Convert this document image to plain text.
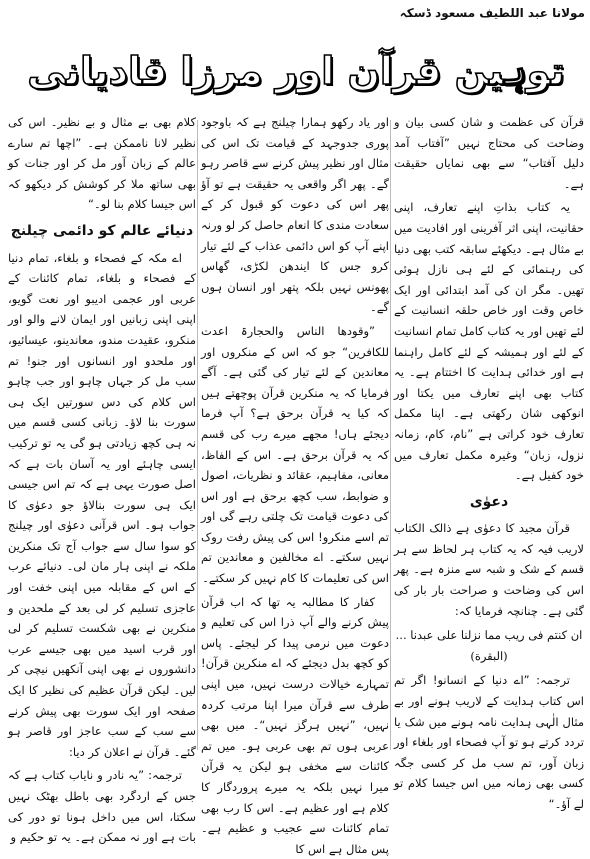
مولانا عبد اللطیف مسعود ڈسکہ
توہین قرآن اور مرزا قادیانی

قرآن کی عظمت و شان کسی بیان و وضاحت کی محتاج نہیں ”آفتاب آمد دلیل آفتاب“ سے بھی نمایاں حقیقت ہے۔

یہ کتاب بذاتِ اپنے تعارف، اپنی حقانیت، اپنی اثر آفرینی اور افادیت میں بے مثال ہے۔ دیکھئے سابقہ کتب بھی دنیا کی رہنمائی کے لئے ہی نازل ہوئی تھیں۔ مگر ان کی آمد ابتدائی اور ایک خاص وقت اور خاص حلقہ انسانیت کے لئے تھیں اور یہ کتاب کامل تمام انسانیت کے لئے اور ہمیشہ کے لئے کامل راہنما ہے اور خدائی ہدایت کا اختتام ہے۔ یہ کتاب بھی اپنے تعارف میں یکتا اور انوکھی شان رکھتی ہے۔ اپنا مکمل تعارف خود کراتی ہے ”نام، کام، زمانہ نزول، زبان“ وغیرہ مکمل تعارف میں خود کفیل ہے۔

دعوٰی

قرآن مجید کا دعوٰی ہے ذالک الکتاب لاریب فیہ کہ یہ کتاب ہر لحاظ سے ہر قسم کے شک و شبہ سے منزہ ہے۔ پھر اس کی وضاحت و صراحت بار بار کی گئی ہے۔ چنانچہ فرمایا کہ:

ان کنتم فی ریب مما نزلنا علی عبدنا ... (البقرة)

ترجمہ: ”اے دنیا کے انسانو! اگر تم اس کتاب ہدایت کے لاریب ہونے اور بے مثال الٰہی ہدایت نامہ ہونے میں شک یا تردد کرتے ہو تو آپ فصحاء اور بلغاء اور زبان آور، تم سب مل کر کسی جگہ کسی بھی زمانہ میں اس جیسا کلام تو لے آؤ۔“

اور یاد رکھو ہمارا چیلنج ہے کہ باوجود پوری جدوجہد کے قیامت تک اس کی مثال اور نظیر پیش کرنے سے قاصر رہو گے۔ پھر اگر واقعی یہ حقیقت ہے تو آؤ پھر اس کی دعوت کو قبول کر کے سعادت مندی کا انعام حاصل کر لو ورنہ اپنے آپ کو اس دائمی عذاب کے لئے تیار کرو جس کا ایندھن لکڑی، گھاس پھونس نہیں بلکہ پتھر اور انسان ہوں گے۔

”وقودھا الناس والحجارۃ اعدت للکافرین“ جو کہ اس کے منکروں اور معاندین کے لئے تیار کی گئی ہے۔ آگے فرمایا کہ یہ منکرین قرآن پوچھتے ہیں کہ کیا یہ قرآن برحق ہے؟ آپ فرما دیجئے ہاں! مجھے میرے رب کی قسم کہ یہ قرآن برحق ہے۔ اس کے الفاظ، معانی، مفاہیم، عقائد و نظریات، اصول و ضوابط، سب کچھ برحق ہے اور اس کی دعوت قیامت تک چلتی رہے گی اور تم اسے منکرو! اس کی پیش رفت روک نہیں سکتے۔ اے مخالفین و معاندین تم اس کی تعلیمات کا کام نہیں کر سکتے۔

کفار کا مطالبہ یہ تھا کہ اب قرآن پیش کرنے والے آپ ذرا اس کی تعلیم و دعوت میں نرمی پیدا کر لیجئے۔ پاس کو کچھ بدل دیجئے کہ اے منکرین قرآن! تمہارے خیالات درست نہیں، میں اپنی طرف سے قرآن میرا اپنا مرتب کردہ نہیں، ”نہیں ہرگز نہیں“۔ میں بھی عربی ہوں تم بھی عربی ہو۔ میں تم کائنات سے مخفی ہو لیکن یہ قرآن میرا نہیں بلکہ یہ میرے پروردگار کا کلام ہے اور عظیم ہے۔ اس کا رب بھی تمام کائنات سے عجیب و عظیم ہے۔ پس مثال ہے اس کا

کلام بھی بے مثال و بے نظیر۔ اس کی نظیر لانا ناممکن ہے۔ ”اچھا تم سارے عالم کے زبان آور مل کر اور جنات کو بھی ساتھ ملا کر کوشش کر دیکھو کہ اس جیسا کلام بنا لو۔“

دنیائے عالم کو دائمی چیلنج

اے مکہ کے فصحاء و بلغاء، تمام دنیا کے فصحاء و بلغاء، تمام کائنات کے عربی اور عجمی ادیبو اور نعت گویو، اپنی اپنی زبانیں اور ایمان لانے والو اور منکرو، عقیدت مندو، معاندینو، عیسائیو، اور ملحدو اور انسانوں اور جنو! تم سب مل کر جہاں چاہو اور جب چاہو اس کلام کی دس سورتیں ایک ہی سورت بنا لاؤ۔ زبانی کسی قسم میں نہ ہی کچھ زیادتی ہو گی یہ تو ترکیب ایسی چاہئے اور یہ آسان بات ہے کہ اصل صورت یہی ہے کہ تم اس جیسی ایک ہی سورت بنالاؤ جو دعوٰی کا جواب ہو۔ اس قرآنی دعوٰی اور چیلنج کو سوا سال سے جواب آج تک منکرین ملکہ نے اپنی ہار مان لی۔ دنیائے عرب کے اس کے مقابلہ میں اپنی خفت اور عاجزی تسلیم کر لی بعد کے ملحدین و منکرین نے بھی شکست تسلیم کر لی اور قرب اسید میں بھی جیسے عرب دانشوروں نے بھی اپنی آنکھیں نیچی کر لیں۔ لیکن قرآن عظیم کی نظیر کا ایک صفحہ اور ایک سورت بھی پیش کرنے سے سب کے سب عاجز اور قاصر ہو گئے۔ قرآن نے اعلان کر دیا:

ترجمہ: ”یہ نادر و نایاب کتاب ہے کہ جس کے اردگرد بھی باطل بھٹک نہیں سکتا، اس میں داخل ہونا تو دور کی بات ہے اور نہ ممکن ہے۔ یہ تو حکیم و
